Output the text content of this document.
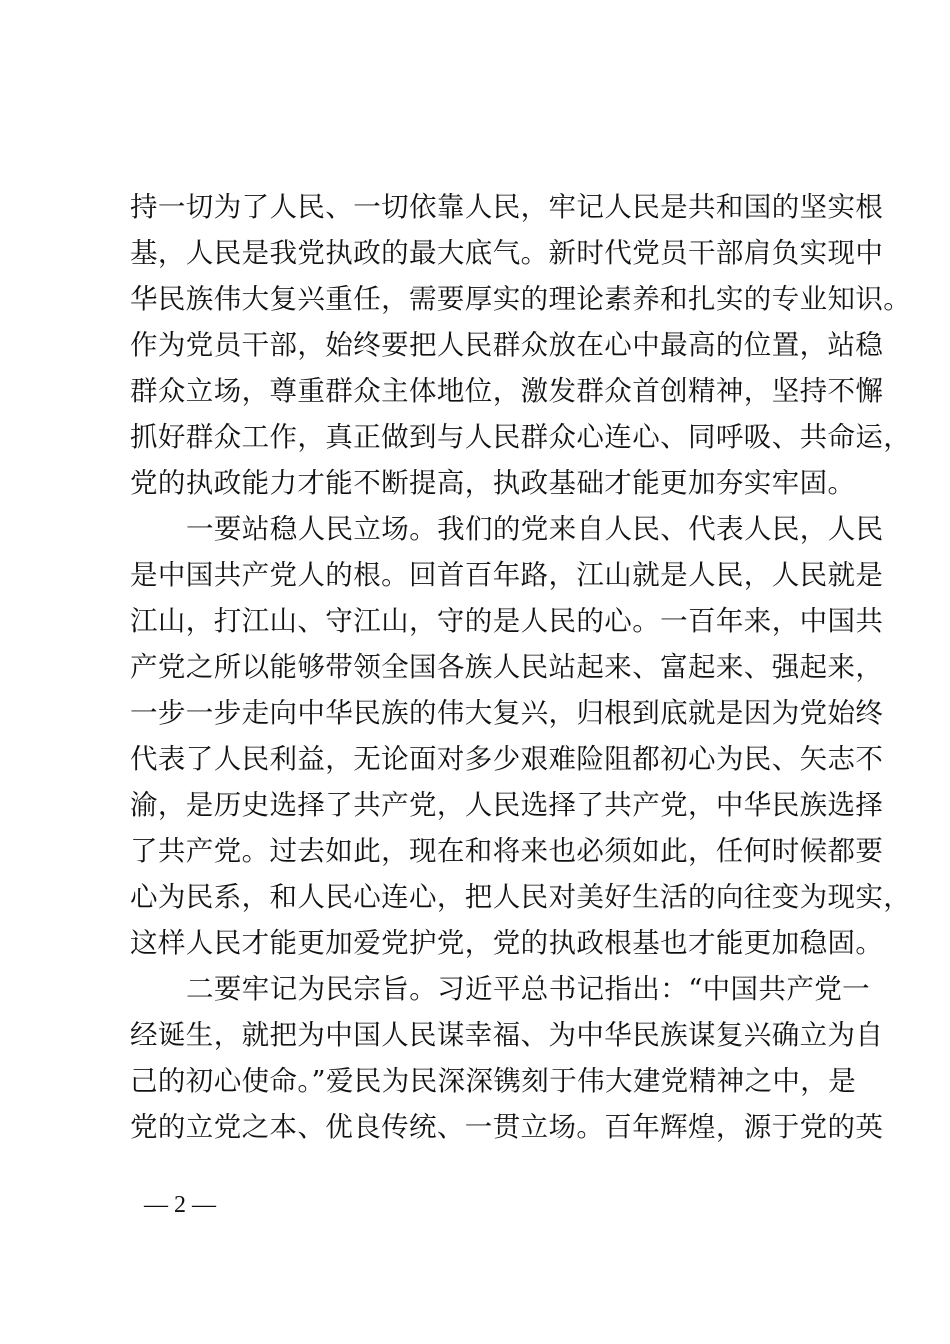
持一切为了人民、一切依靠人民，牢记人民是共和国的坚实根
基，人民是我党执政的最大底气。新时代党员干部肩负实现中
华民族伟大复兴重任，需要厚实的理论素养和扎实的专业知识。
作为党员干部，始终要把人民群众放在心中最高的位置，站稳
群众立场，尊重群众主体地位，激发群众首创精神，坚持不懈
抓好群众工作，真正做到与人民群众心连心、同呼吸、共命运，
党的执政能力才能不断提高，执政基础才能更加夯实牢固。
一要站稳人民立场。我们的党来自人民、代表人民，人民
是中国共产党人的根。回首百年路，江山就是人民，人民就是
江山，打江山、守江山，守的是人民的心。一百年来，中国共
产党之所以能够带领全国各族人民站起来、富起来、强起来，
一步一步走向中华民族的伟大复兴，归根到底就是因为党始终
代表了人民利益，无论面对多少艰难险阻都初心为民、矢志不
渝，是历史选择了共产党，人民选择了共产党，中华民族选择
了共产党。过去如此，现在和将来也必须如此，任何时候都要
心为民系，和人民心连心，把人民对美好生活的向往变为现实，
这样人民才能更加爱党护党，党的执政根基也才能更加稳固。
二要牢记为民宗旨。习近平总书记指出：“中国共产党一
经诞生，就把为中国人民谋幸福、为中华民族谋复兴确立为自
己的初心使命。”爱民为民深深镌刻于伟大建党精神之中，是
党的立党之本、优良传统、一贯立场。百年辉煌，源于党的英
— 2 —
